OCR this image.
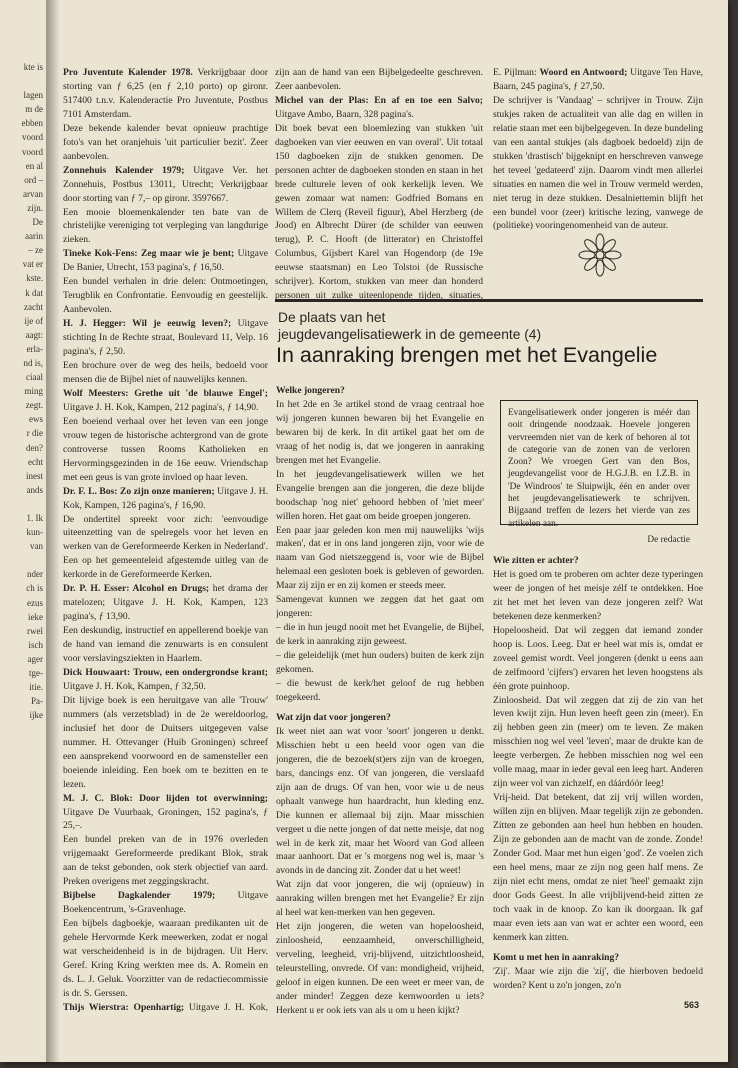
kte is

lagen
m de
ebben
voord
voord
en al
ord –
arvan
zijn.
De
aarin
– ze
vat er
kste.
k dat
zacht
ije of
aagt:
erla-
nd is,
ciaal
ming
zegt.
ews
r die
den?
echt
inest
ands

1. Ik
kun-
van

nder
ch is
ezus
ieke
rwel
isch
ager
tge-
itie.
Pa-
ijke

Pro Juventute Kalender 1978. Verkrijgbaar door storting van ƒ 6,25 (en ƒ 2,10 porto) op gironr. 517400 t.n.v. Kalenderactie Pro Juventute, Postbus 7101 Amsterdam.

Deze bekende kalender bevat opnieuw prachtige foto's van het oranjehuis 'uit particulier bezit'. Zeer aanbevolen.

Zonnehuis Kalender 1979; Uitgave Ver. het Zonnehuis, Postbus 13011, Utrecht; Verkrijgbaar door storting van ƒ 7,– op gironr. 3597667.

Een mooie bloemenkalender ten bate van de christelijke vereniging tot verpleging van langdurige zieken.

Tineke Kok-Fens: Zeg maar wie je bent; Uitgave De Banier, Utrecht, 153 pagina's, ƒ 16,50.

Een bundel verhalen in drie delen: Ontmoetingen, Terugblik en Confrontatie. Eenvoudig en geestelijk. Aanbevolen.

H. J. Hegger: Wil je eeuwig leven?; Uitgave stichting In de Rechte straat, Boulevard 11, Velp. 16 pagina's, ƒ 2,50.

Een brochure over de weg des heils, bedoeld voor mensen die de Bijbel niet of nauwelijks kennen.

Wolf Meesters: Grethe uit 'de blauwe Engel'; Uitgave J. H. Kok, Kampen, 212 pagina's, ƒ 14,90.

Een boeiend verhaal over het leven van een jonge vrouw tegen de historische achtergrond van de grote controverse tussen Rooms Katholieken en Hervormingsgezinden in de 16e eeuw. Vriendschap met een geus is van grote invloed op haar leven.

Dr. F. L. Bos: Zo zijn onze manieren; Uitgave J. H. Kok, Kampen, 126 pagina's, ƒ 16,90.

De ondertitel spreekt voor zich: 'eenvoudige uiteenzetting van de spelregels voor het leven en werken van de Gereformeerde Kerken in Nederland'. Een op het gemeenteleid afgestemde uitleg van de kerkorde in de Gereformeerde Kerken.

Dr. P. H. Esser: Alcohol en Drugs; het drama der matelozen; Uitgave J. H. Kok, Kampen, 123 pagina's, ƒ 13,90.

Een deskundig, instructief en appellerend boekje van de hand van iemand die zenuwarts is en consulent voor verslavingsziekten in Haarlem.

Dick Houwaart: Trouw, een ondergrondse krant; Uitgave J. H. Kok, Kampen, ƒ 32,50.

Dit lijvige boek is een heruitgave van alle 'Trouw' nummers (als verzetsblad) in de 2e wereldoorlog, inclusief het door de Duitsers uitgegeven valse nummer. H. Ottevanger (Huib Groningen) schreef een aansprekend voorwoord en de samensteller een boeiende inleiding. Een boek om te bezitten en te lezen.

M. J. C. Blok: Door lijden tot overwinning; Uitgave De Vuurbaak, Groningen, 152 pagina's, ƒ 25,–.

Een bundel preken van de in 1976 overleden vrijgemaakt Gereformeerde predikant Blok, strak aan de tekst gebonden, ook sterk objectief van aard. Preken overigens met zeggingskracht.

Bijbelse Dagkalender 1979; Uitgave Boekencentrum, 's-Gravenhage.

Een bijbels dagboekje, waaraan predikanten uit de gehele Hervormde Kerk meewerken, zodat er nogal wat verscheidenheid is in de bijdragen. Uit Herv. Geref. Kring Kring werkten mee ds. A. Romein en ds. L. J. Geluk. Voorzitter van de redactiecommissie is dr. S. Gerssen.

Thijs Wierstra: Openhartig; Uitgave J. H. Kok,

zijn aan de hand van een Bijbelgedeelte geschreven. Zeer aanbevolen.

Michel van der Plas: En af en toe een Salvo; Uitgave Ambo, Baarn, 328 pagina's.

Dit boek bevat een bloemlezing van stukken 'uit dagboeken van vier eeuwen en van overal'. Uit totaal 150 dagboeken zijn de stukken genomen. De personen achter de dagboeken stonden en staan in het brede culturele leven of ook kerkelijk leven. We gewen zomaar wat namen: Godfried Bomans en Willem de Clerq (Reveil figuur), Abel Herzberg (de Jood) en Albrecht Dürer (de schilder van eeuwen terug), P. C. Hooft (de litterator) en Christoffel Columbus, Gijsbert Karel van Hogendorp (de 19e eeuwse staatsman) en Leo Tolstoi (de Russische schrijver). Kortom, stukken van meer dan honderd personen uit zulke uiteenlopende tijden, situaties,

E. Pijlman: Woord en Antwoord; Uitgave Ten Have, Baarn, 245 pagina's, ƒ 27,50.

De schrijver is 'Vandaag' – schrijver in Trouw. Zijn stukjes raken de actualiteit van alle dag en willen in relatie staan met een bijbelgegeven. In deze bundeling van een aantal stukjes (als dagboek bedoeld) zijn de stukken 'drastisch' bijgeknipt en herschreven vanwege het teveel 'gedateerd' zijn. Daarom vindt men allerlei situaties en namen die wel in Trouw vermeld werden, niet terug in deze stukken. Desalniettemin blijft het een bundel voor (zeer) kritische lezing, vanwege de (politieke) vooringenomenheid van de auteur.

De plaats van het
jeugdevangelisatiewerk in de gemeente (4)
In aanraking brengen met het Evangelie

Welke jongeren?

In het 2de en 3e artikel stond de vraag centraal hoe wij jongeren kunnen bewaren bij het Evangelie en bewaren bij de kerk. In dit artikel gaat het om de vraag of het nodig is, dat we jongeren in aanraking brengen met het Evangelie.

In het jeugdevangelisatiewerk willen we het Evangelie brengen aan die jongeren, die deze blijde boodschap 'nog niet' gehoord hebben of 'niet meer' willen horen. Het gaat om beide groepen jongeren.

Een paar jaar geleden kon men mij nauwelijks 'wijs maken', dat er in ons land jongeren zijn, voor wie de naam van God nietszeggend is, voor wie de Bijbel helemaal een gesloten boek is gebleven of geworden. Maar zij zijn er en zij komen er steeds meer.

Samengevat kunnen we zeggen dat het gaat om jongeren:

– die in hun jeugd nooit met het Evangelie, de Bijbel, de kerk in aanraking zijn geweest.

– die geleidelijk (met hun ouders) buiten de kerk zijn gekomen.

– die bewust de kerk/het geloof de rug hebben toegekeerd.

Wat zijn dat voor jongeren?

Ik weet niet aan wat voor 'soort' jongeren u denkt. Misschien hebt u een beeld voor ogen van die jongeren, die de bezoek(st)ers zijn van de kroegen, bars, dancings enz. Of van jongeren, die verslaafd zijn aan de drugs. Of van hen, voor wie u de neus ophaalt vanwege hun haardracht, hun kleding enz. Die kunnen er allemaal bij zijn. Maar misschien vergeet u die nette jongen of dat nette meisje, dat nog wel in de kerk zit, maar het Woord van God alleen maar aanhoort. Dat er 's morgens nog wel is, maar 's avonds in de dancing zit. Zonder dat u het weet!

Wat zijn dat voor jongeren, die wij (opnieuw) in aanraking willen brengen met het Evangelie? Er zijn al heel wat ken-merken van hen gegeven.

Het zijn jongeren, die weten van hopeloosheid, zinloosheid, eenzaamheid, onverschilligheid, verveling, leegheid, vrij-blijvend, uitzichtloosheid, teleurstelling, onvrede. Of van: mondigheid, vrijheid, geloof in eigen kunnen. De een weet er meer van, de ander minder! Zeggen deze kernwoorden u iets? Herkent u er ook iets van als u om u heen kijkt?

Evangelisatiewerk onder jongeren is méér dan ooit dringende noodzaak. Hoevele jongeren vervreemden niet van de kerk of behoren al tot de categorie van de zonen van de verloren Zoon? We vroegen Gert van den Bos, jeugdevangelist voor de H.G.J.B. en I.Z.B. in 'De Windroos' te Sluipwijk, één en ander over het jeugdevangelisatiewerk te schrijven. Bijgaand treffen de lezers het vierde van zes artikelen aan.
De redactie

Wie zitten er achter?

Het is goed om te proberen om achter deze typeringen weer de jongen of het meisje zélf te ontdekken. Hoe zit het met het leven van deze jongeren zelf? Wat betekenen deze kenmerken?

Hopeloosheid. Dat wil zeggen dat iemand zonder hoop is. Loos. Leeg. Dat er heel wat mis is, omdat er zoveel gemist wordt. Veel jongeren (denkt u eens aan de zelfmoord 'cijfers') ervaren het leven hoogstens als één grote puinhoop.

Zinloosheid. Dat wil zeggen dat zij de zin van het leven kwijt zijn. Hun leven heeft geen zin (meer). En zij hebben geen zin (meer) om te leven. Ze maken misschien nog wel veel 'leven', maar de drukte kan de leegte verbergen. Ze hebben misschien nog wel een volle maag, maar in ieder geval een leeg hart. Anderen zijn weer vol van zichzelf, en dáárdóór leeg!

Vrij-heid. Dat betekent, dat zij vrij willen worden, willen zijn en blijven. Maar tegelijk zijn ze gebonden. Zitten ze gebonden aan heel hun hebben en houden. Zijn ze gebonden aan de macht van de zonde. Zonde! Zonder God. Maar met hun eigen 'god'. Ze voelen zich een heel mens, maar ze zijn nog geen half mens. Ze zijn niet echt mens, omdat ze niet 'heel' gemaakt zijn door Gods Geest. In alle vrijblijvend-heid zitten ze toch vaak in de knoop. Zo kan ik doorgaan. Ik gaf maar even iets aan van wat er achter een woord, een kenmerk kan zitten.

Komt u met hen in aanraking?

'Zij'. Maar wie zijn die 'zij', die hierboven bedoeld worden? Kent u zo'n jongen, zo'n

563
